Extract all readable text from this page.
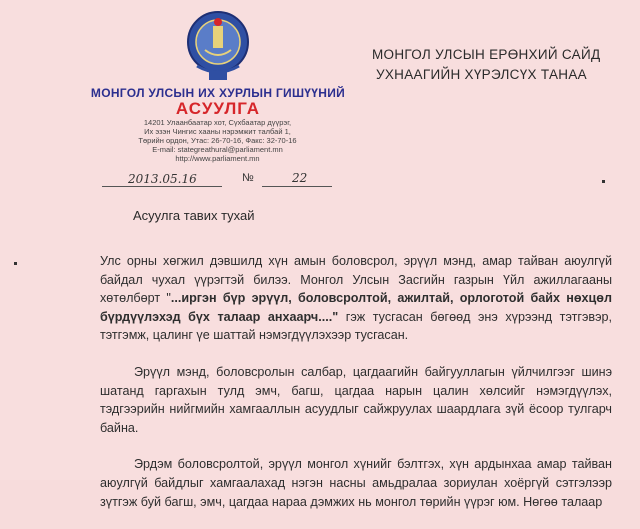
МОНГОЛ УЛСЫН ИХ ХУРЛЫН ГИШҮҮНИЙ
АСУУЛГА
14201 Улаанбаатар хот, Сүхбаатар дүүрэг,
Их эзэн Чингис хааны нэрэмжит талбай 1,
Төрийн ордон, Утас: 26-70-16, Факс: 32-70-16
E-mail: stategreathural@parliament.mn
http://www.parliament.mn
2013.05.16	№	22
МОНГОЛ УЛСЫН ЕРӨНХИЙ САЙД
УХНААГИЙН ХҮРЭЛСҮХ ТАНАА
Асуулга тавих тухай

Улс орны хөгжил дэвшилд хүн амын боловсрол, эрүүл мэнд, амар тайван аюулгүй байдал чухал үүрэгтэй билээ. Монгол Улсын Засгийн газрын Үйл ажиллагааны хөтөлбөрт "...иргэн бүр эрүүл, боловсролтой, ажилтай, орлоготой байх нөхцөл бүрдүүлэхэд бүх талаар анхаарч...." гэж тусгасан бөгөөд энэ хүрээнд тэтгэвэр, тэтгэмж, цалинг үе шаттай нэмэгдүүлэхээр тусгасан.

Эрүүл мэнд, боловсролын салбар, цагдаагийн байгууллагын үйлчилгээг шинэ шатанд гаргахын тулд эмч, багш, цагдаа нарын цалин хөлсийг нэмэгдүүлэх, тэдгээрийн нийгмийн хамгааллын асуудлыг сайжруулах шаардлага зүй ёсоор тулгарч байна.

Эрдэм боловсролтой, эрүүл монгол хүнийг бэлтгэх, хүн ардынхаа амар тайван аюулгүй байдлыг хамгаалахад нэгэн насны амьдралаа зориулан хоёргүй сэтгэлээр зүтгэж буй багш, эмч, цагдаа нараа дэмжих нь монгол төрийн үүрэг юм. Нөгөө талаар
